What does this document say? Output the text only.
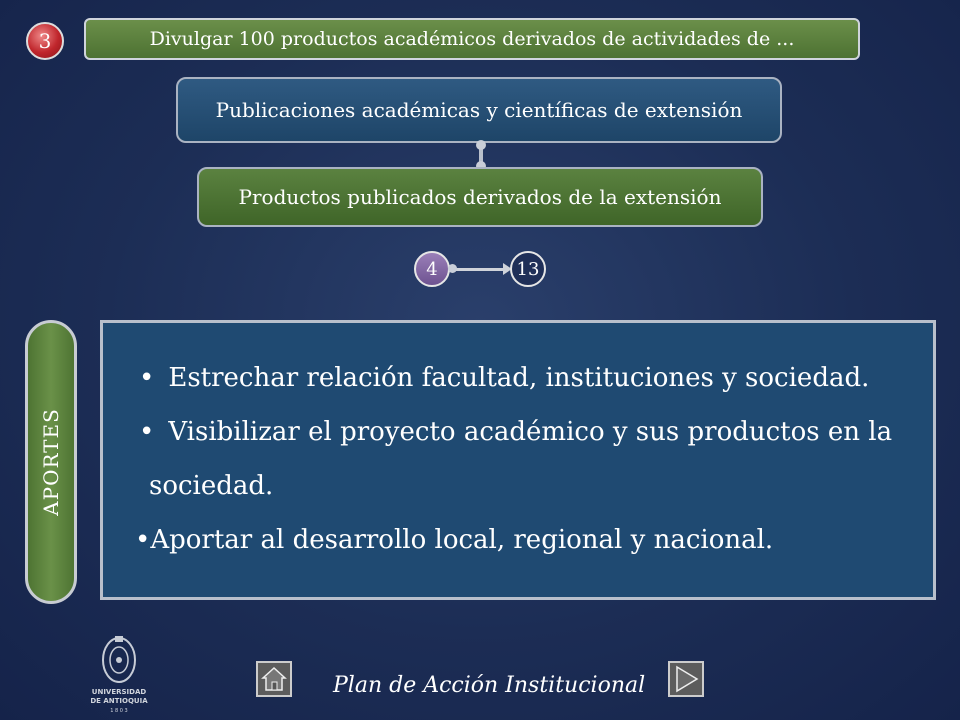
3	Divulgar 100 productos académicos derivados de actividades de ...
Publicaciones académicas y científicas de extensión
Productos publicados derivados de la extensión
4	13
APORTES
• Estrechar relación facultad, instituciones y sociedad.
• Visibilizar el proyecto académico y sus productos en la
sociedad.
•Aportar al desarrollo local, regional y nacional.
UNIVERSIDAD
DE ANTIOQUIA
1 8 0 3
Plan de Acción Institucional
